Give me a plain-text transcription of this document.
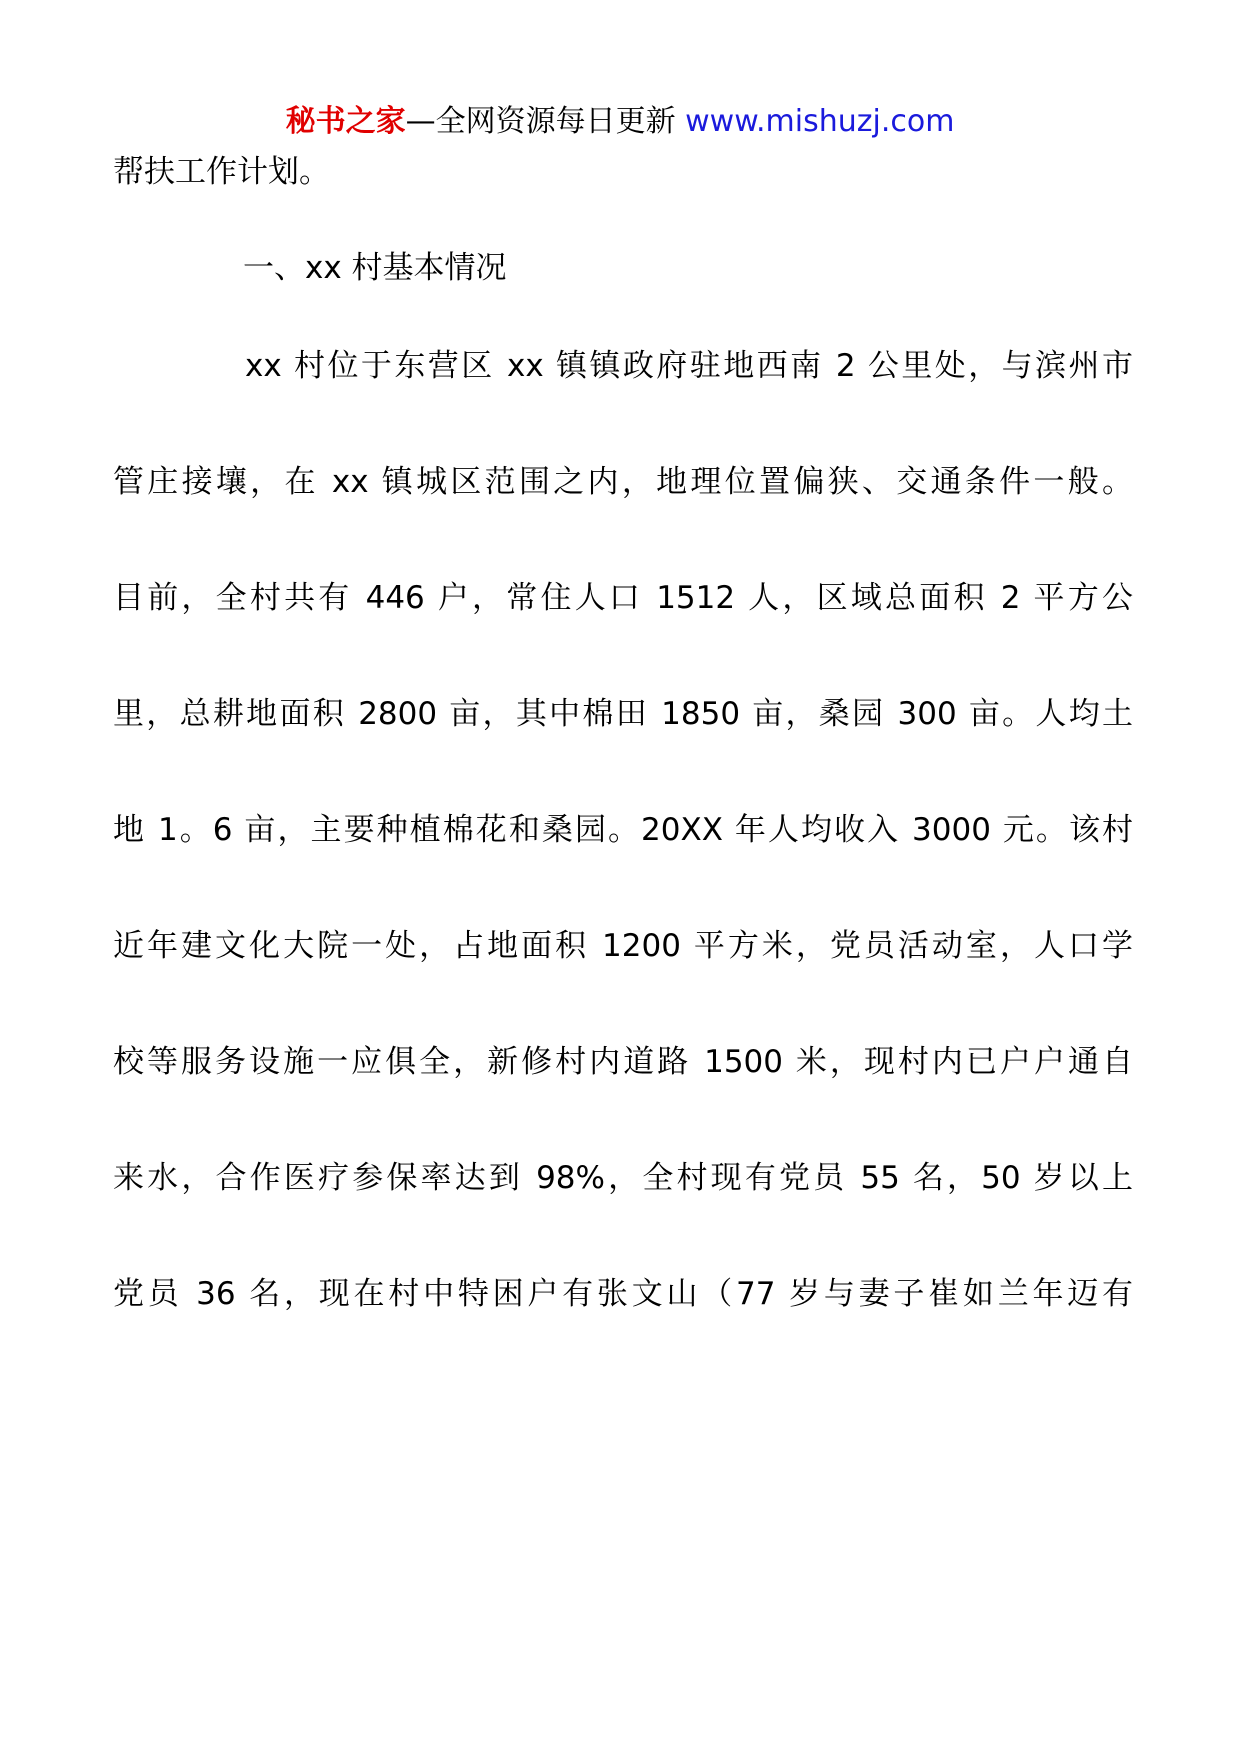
秘书之家—全网资源每日更新 www.mishuzj.com

帮扶工作计划。

一、xx 村基本情况

xx 村位于东营区 xx 镇镇政府驻地西南 2 公里处，与滨州市

管庄接壤，在 xx 镇城区范围之内，地理位置偏狭、交通条件一般。

目前，全村共有 446 户，常住人口 1512 人，区域总面积 2 平方公

里，总耕地面积 2800 亩，其中棉田 1850 亩，桑园 300 亩。人均土

地 1。6 亩，主要种植棉花和桑园。20XX 年人均收入 3000 元。该村

近年建文化大院一处，占地面积 1200 平方米，党员活动室，人口学

校等服务设施一应俱全，新修村内道路 1500 米，现村内已户户通自

来水，合作医疗参保率达到 98%，全村现有党员 55 名，50 岁以上

党员 36 名，现在村中特困户有张文山（77 岁与妻子崔如兰年迈有
